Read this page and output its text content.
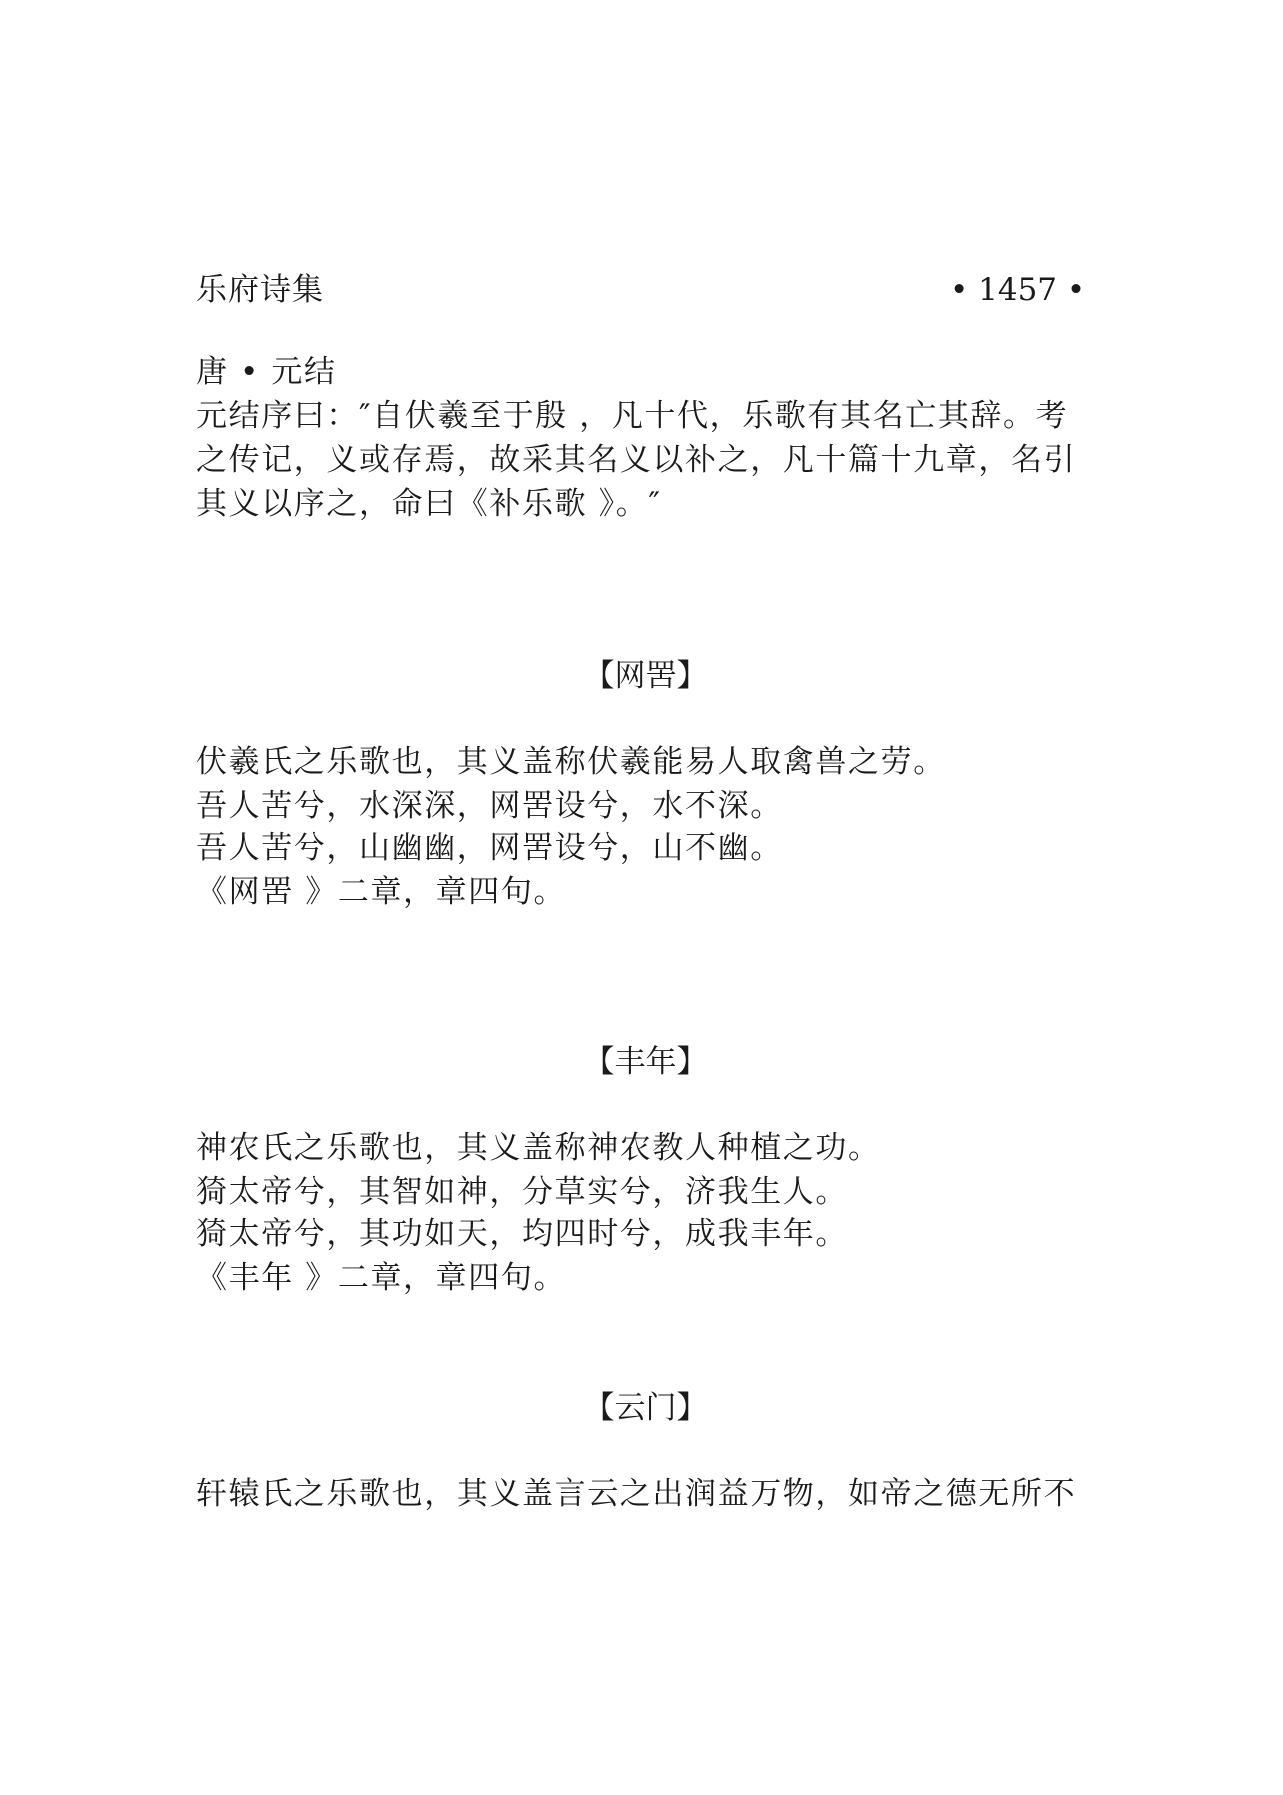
乐府诗集	• 1457 •
唐 • 元结
元结序曰：″自伏羲至于殷 ，凡十代，乐歌有其名亡其辞。考
之传记，义或存焉，故采其名义以补之，凡十篇十九章，名引
其义以序之，命曰《补乐歌 》。″
【网罟】
伏羲氏之乐歌也，其义盖称伏羲能易人取禽兽之劳。
吾人苦兮，水深深，网罟设兮，水不深。
吾人苦兮，山幽幽，网罟设兮，山不幽。
《网罟 》二章，章四句。
【丰年】
神农氏之乐歌也，其义盖称神农教人种植之功。
猗太帝兮，其智如神，分草实兮，济我生人。
猗太帝兮，其功如天，均四时兮，成我丰年。
《丰年 》二章，章四句。
【云门】
轩辕氏之乐歌也，其义盖言云之出润益万物，如帝之德无所不
